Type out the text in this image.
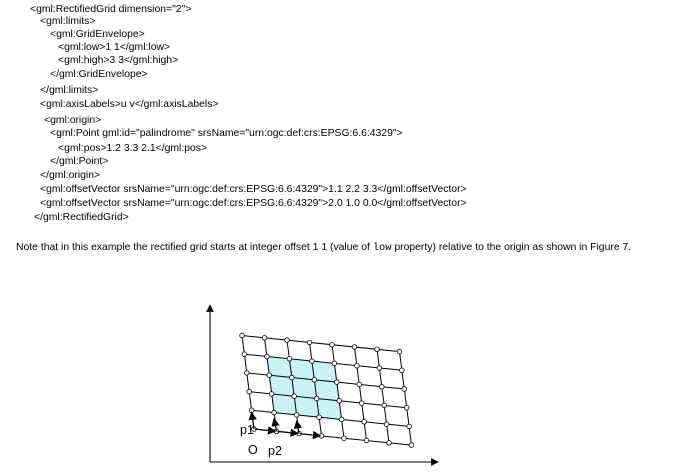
<gml:RectifiedGrid dimension="2">
<gml:limits>
<gml:GridEnvelope>
<gml:low>1 1</gml:low>
<gml:high>3 3</gml:high>
</gml:GridEnvelope>
</gml:limits>
<gml:axisLabels>u v</gml:axisLabels>
<gml:origin>
<gml:Point gml:id="palindrome" srsName="urn:ogc:def:crs:EPSG:6.6:4329">
<gml:pos>1.2 3.3 2.1</gml:pos>
</gml:Point>
</gml:origin>
<gml:offsetVector srsName="urn:ogc:def:crs:EPSG:6.6:4329">1.1 2.2 3.3</gml:offsetVector>
<gml:offsetVector srsName="urn:ogc:def:crs:EPSG:6.6:4329">2.0 1.0 0.0</gml:offsetVector>
</gml:RectifiedGrid>
Note that in this example the rectified grid starts at integer offset 1 1 (value of low property) relative to the origin as shown in Figure 7.
O
p1
p2
